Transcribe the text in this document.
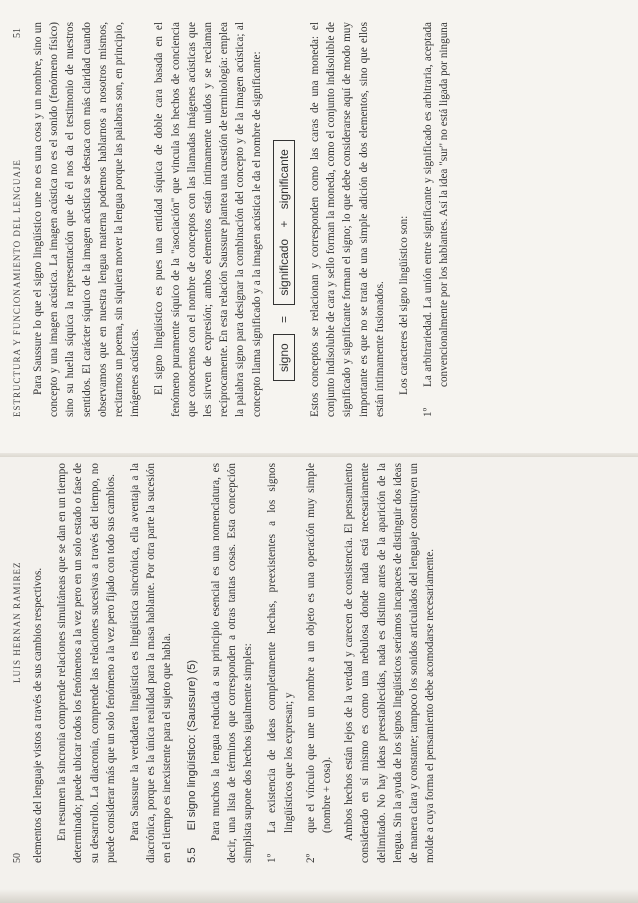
50
LUIS HERNAN RAMIREZ elementos del lenguaje vistos a través de sus cambios respectivos. En resumen la sincronía comprende relaciones simultáneas que se dan en un tiempo determinado; puede ubicar todos los fenómenos a la vez pero en un solo estado o fase de su desarrollo. La diacronía, comprende las relaciones sucesivas a través del tiempo, no puede considerar más que un solo fenómeno a la vez pero fijado con todo sus cambios. Para Saussure la verdadera lingüística es lingüística sincrónica, ella aventaja a la diacrónica, porque es la única realidad para la masa hablante. Por otra parte la sucesión en el tiempo es inexistente para el sujeto que habla. 5.5 El signo lingüístico: (Saussure) (5) Para muchos la lengua reducida a su principio esencial es una nomenclatura, es decir, una lista de términos que corresponden a otras tantas cosas. Esta concepción simplista supone dos hechos igualmente simples: 1º
La existencia de ideas completamente hechas, preexistentes a los signos lingüísticos que los expresan; y
2º
que el vínculo que une un nombre a un objeto es una operación muy simple (nombre + cosa). Ambos hechos están lejos de la verdad y carecen de consistencia. El pensamiento considerado en sí mismo es como una nebulosa donde nada está necesariamente delimitado. No hay ideas preestablecidas, nada es distinto antes de la aparición de la lengua. Sin la ayuda de los signos lingüísticos seríamos incapaces de distinguir dos ideas de manera clara y constante; tampoco los sonidos articulados del lenguaje constituyen un molde a cuya forma el pensamiento debe acomodarse necesariamente.

ESTRUCTURA Y FUNCIONAMIENTO DEL LENGUAJE
51 Para Saussure lo que el signo lingüístico une no es una cosa y un nombre, sino un concepto y una imagen acústica. La imagen acústica no es el sonido (fenómeno físico) sino su huella síquica la representación que de él nos da el testimonio de nuestros sentidos. El carácter síquico de la imagen acústica se destaca con más claridad cuando observamos que en nuestra lengua materna podemos hablarnos a nosotros mismos, recitarnos un poema, sin siquiera mover la lengua porque las palabras son, en principio, imágenes acústicas. El signo lingüístico es pues una entidad síquica de doble cara basada en el fenómeno puramente síquico de la "asociación" que vincula los hechos de conciencia que conocemos con el nombre de conceptos con las llamadas imágenes acústicas que les sirven de expresión; ambos elementos están íntimamente unidos y se reclaman recíprocamente. En esta relación Saussure plantea una cuestión de terminología: emplea la palabra signo para designar la combinación del concepto y de la imagen acústica; al concepto llama significado y a la imagen acústica le da el nombre de significante:	signo = significado + significante	Estos conceptos se relacionan y corresponden como las caras de una moneda: el conjunto indisoluble de cara y sello forman la moneda, como el conjunto indisoluble de significado y significante forman el signo; lo que debe considerarse aquí de modo muy importante es que no se trata de una simple adición de dos elementos, sino que ellos están íntimamente fusionados. Los caracteres del signo lingüístico son:

1º
La arbitrariedad. La unión entre significante y significado es arbitraria, aceptada convencionalmente por los hablantes. Así la idea "sur" no está ligada por ninguna
